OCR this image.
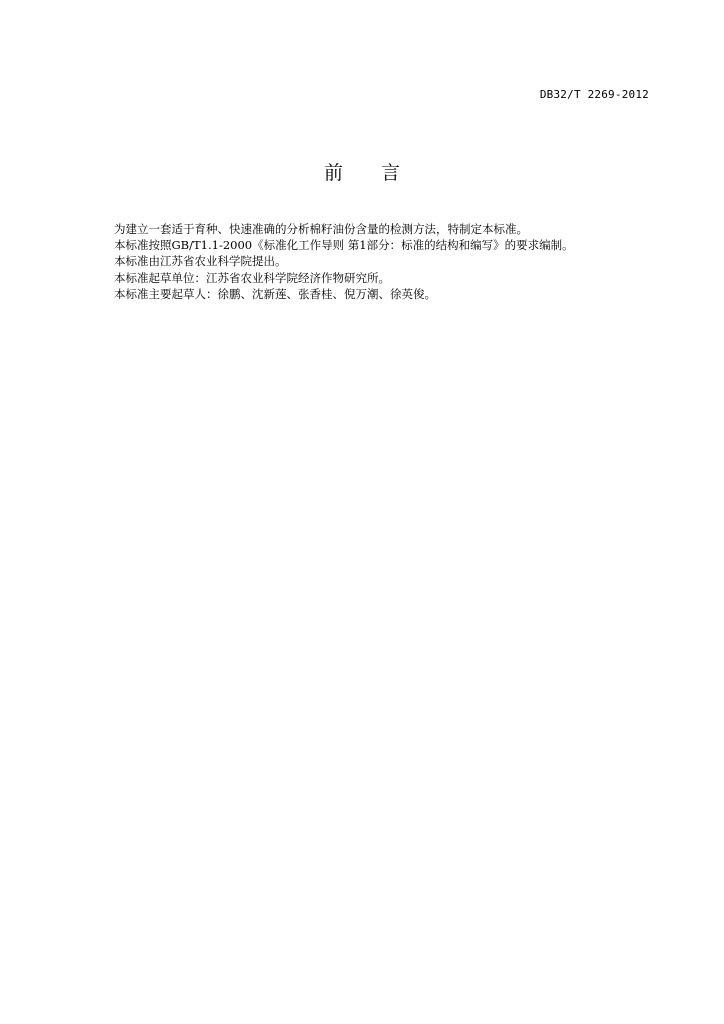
DB32/T 2269-2012
前 言

为建立一套适于育种、快速准确的分析棉籽油份含量的检测方法，特制定本标准。

本标准按照GB/T1.1-2000《标准化工作导则 第1部分：标准的结构和编写》的要求编制。

本标准由江苏省农业科学院提出。

本标准起草单位：江苏省农业科学院经济作物研究所。

本标准主要起草人：徐鹏、沈新莲、张香桂、倪万潮、徐英俊。
